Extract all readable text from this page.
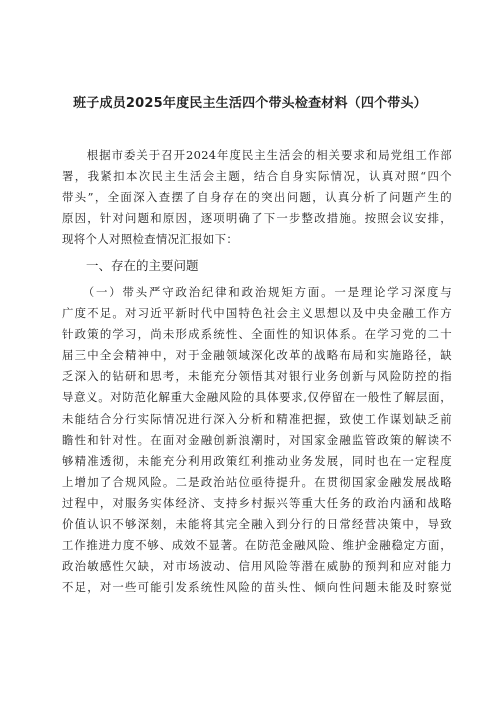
班子成员2025年度民主生活四个带头检查材料（四个带头）
　　根据市委关于召开2024年度民主生活会的相关要求和局党组工作部
署，我紧扣本次民主生活会主题，结合自身实际情况，认真对照“四个
带头”，全面深入查摆了自身存在的突出问题，认真分析了问题产生的
原因，针对问题和原因，逐项明确了下一步整改措施。按照会议安排，
现将个人对照检查情况汇报如下：
一、存在的主要问题
　　（一）带头严守政治纪律和政治规矩方面。一是理论学习深度与
广度不足。对习近平新时代中国特色社会主义思想以及中央金融工作方
针政策的学习，尚未形成系统性、全面性的知识体系。在学习党的二十
届三中全会精神中，对于金融领域深化改革的战略布局和实施路径，缺
乏深入的钻研和思考，未能充分领悟其对银行业务创新与风险防控的指
导意义。对防范化解重大金融风险的具体要求,仅停留在一般性了解层面，
未能结合分行实际情况进行深入分析和精准把握，致使工作谋划缺乏前
瞻性和针对性。在面对金融创新浪潮时，对国家金融监管政策的解读不
够精准透彻，未能充分利用政策红利推动业务发展，同时也在一定程度
上增加了合规风险。二是政治站位亟待提升。在贯彻国家金融发展战略
过程中，对服务实体经济、支持乡村振兴等重大任务的政治内涵和战略
价值认识不够深刻，未能将其完全融入到分行的日常经营决策中，导致
工作推进力度不够、成效不显著。在防范金融风险、维护金融稳定方面，
政治敏感性欠缺，对市场波动、信用风险等潜在威胁的预判和应对能力
不足，对一些可能引发系统性风险的苗头性、倾向性问题未能及时察觉
